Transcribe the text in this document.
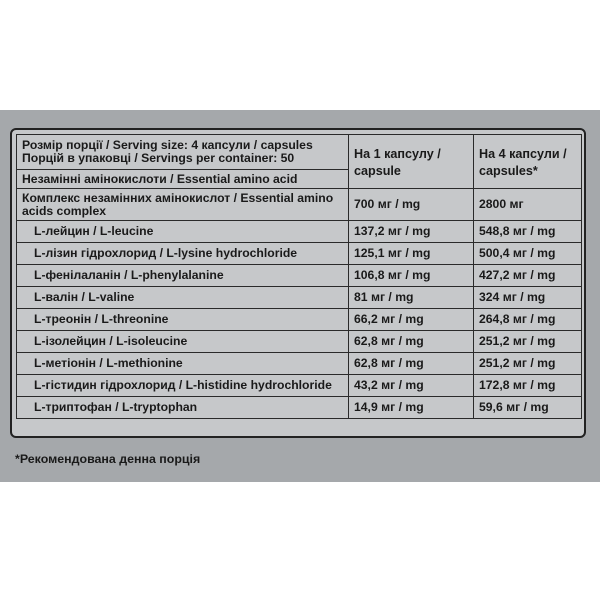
Розмір порції / Serving size: 4 капсули / capsules
Порцій в упаковці / Servings per container: 50	На 1 капсулу / capsule	На 4 капсули / capsules*
Незамінні амінокислоти / Essential amino acid		
Комплекс незамінних амінокислот / Essential amino acids complex	700 мг / mg	2800 мг
L-лейцин / L-leucine	137,2 мг / mg	548,8 мг / mg
L-лізин гідрохлорид / L-lysine hydrochloride	125,1 мг / mg	500,4 мг / mg
L-фенілаланін / L-phenylalanine	106,8 мг / mg	427,2 мг / mg
L-валін / L-valine	81 мг / mg	324 мг / mg
L-треонін / L-threonine	66,2 мг / mg	264,8 мг / mg
L-ізолейцин / L-isoleucine	62,8 мг / mg	251,2 мг / mg
L-метіонін / L-methionine	62,8 мг / mg	251,2 мг / mg
L-гістидин гідрохлорид / L-histidine hydrochloride	43,2 мг / mg	172,8 мг / mg
L-триптофан / L-tryptophan	14,9 мг / mg	59,6 мг / mg
*Рекомендована денна порція
